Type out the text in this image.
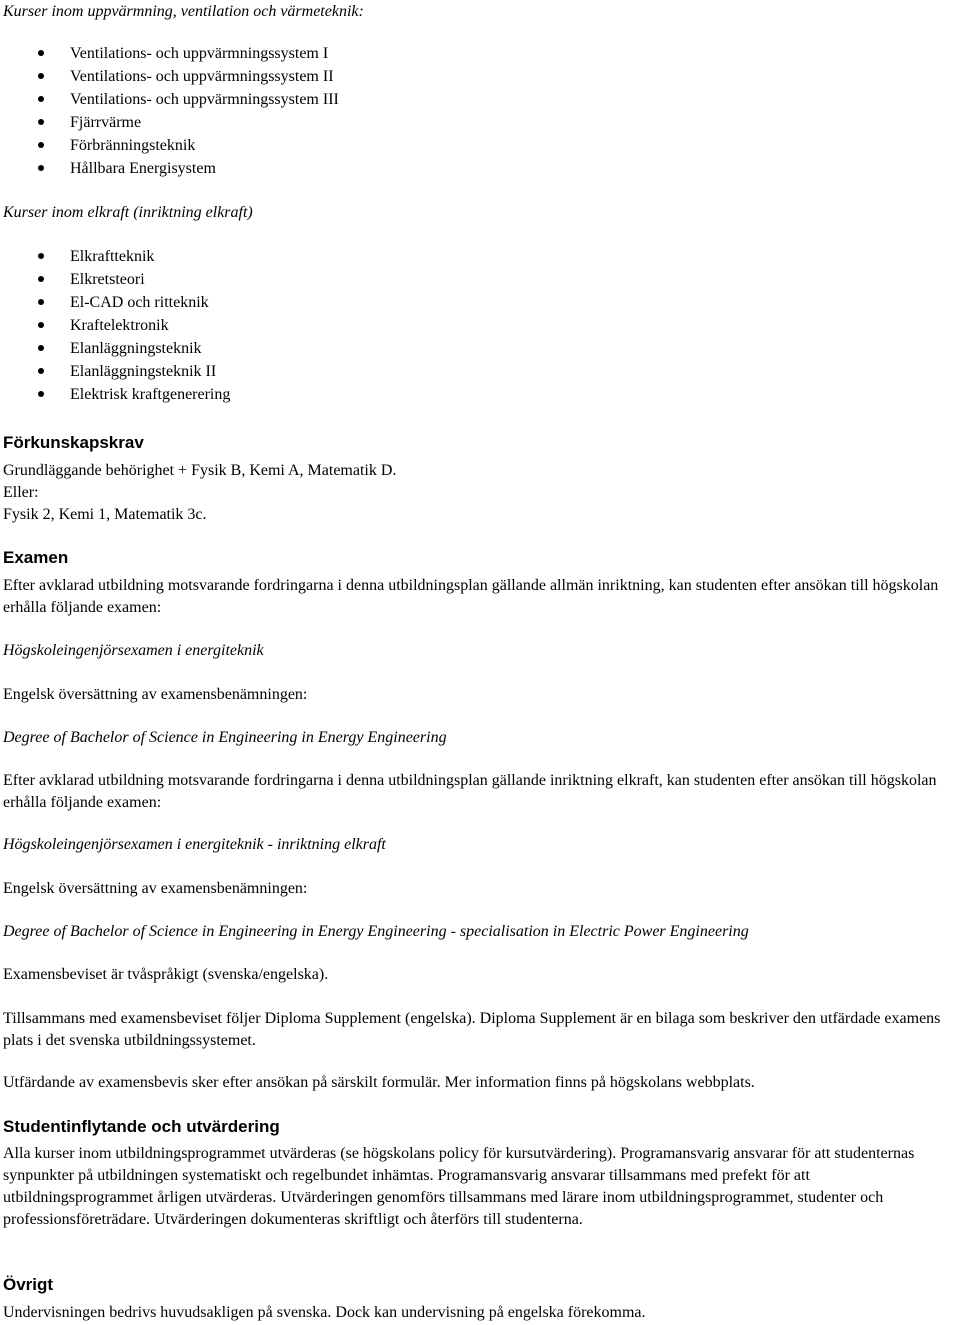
Kurser inom uppvärmning, ventilation och värmeteknik:

Ventilations- och uppvärmningssystem I
Ventilations- och uppvärmningssystem II
Ventilations- och uppvärmningssystem III
Fjärrvärme
Förbränningsteknik
Hållbara Energisystem

Kurser inom elkraft (inriktning elkraft)

Elkraftteknik
Elkretsteori
El-CAD och ritteknik
Kraftelektronik
Elanläggningsteknik
Elanläggningsteknik II
Elektrisk kraftgenerering
Förkunskapskrav

Grundläggande behörighet + Fysik B, Kemi A, Matematik D.

Eller:

Fysik 2, Kemi 1, Matematik 3c.

Examen

Efter avklarad utbildning motsvarande fordringarna i denna utbildningsplan gällande allmän inriktning, kan studenten efter ansökan till högskolan erhålla följande examen:

Högskoleingenjörsexamen i energiteknik

Engelsk översättning av examensbenämningen:

Degree of Bachelor of Science in Engineering in Energy Engineering

Efter avklarad utbildning motsvarande fordringarna i denna utbildningsplan gällande inriktning elkraft, kan studenten efter ansökan till högskolan erhålla följande examen:

Högskoleingenjörsexamen i energiteknik - inriktning elkraft

Engelsk översättning av examensbenämningen:

Degree of Bachelor of Science in Engineering in Energy Engineering - specialisation in Electric Power Engineering

Examensbeviset är tvåspråkigt (svenska/engelska).

Tillsammans med examensbeviset följer Diploma Supplement (engelska). Diploma Supplement är en bilaga som beskriver den utfärdade examens plats i det svenska utbildningssystemet.

Utfärdande av examensbevis sker efter ansökan på särskilt formulär. Mer information finns på högskolans webbplats.

Studentinflytande och utvärdering

Alla kurser inom utbildningsprogrammet utvärderas (se högskolans policy för kursutvärdering). Programansvarig ansvarar för att studenternas synpunkter på utbildningen systematiskt och regelbundet inhämtas. Programansvarig ansvarar tillsammans med prefekt för att utbildningsprogrammet årligen utvärderas. Utvärderingen genomförs tillsammans med lärare inom utbildningsprogrammet, studenter och professionsföreträdare. Utvärderingen dokumenteras skriftligt och återförs till studenterna.

Övrigt

Undervisningen bedrivs huvudsakligen på svenska. Dock kan undervisning på engelska förekomma.
